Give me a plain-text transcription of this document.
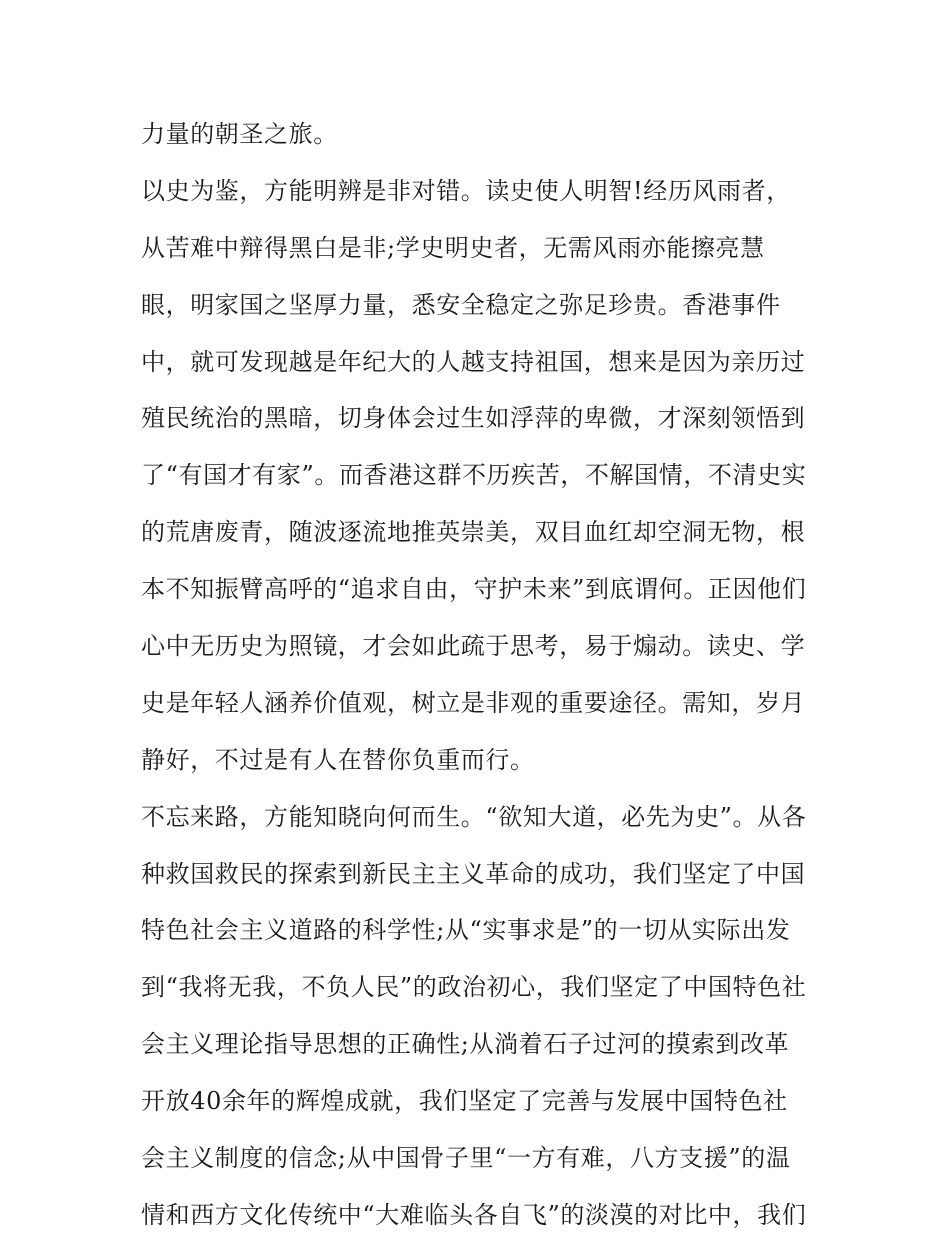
力量的朝圣之旅。
以史为鉴，方能明辨是非对错。读史使人明智!经历风雨者，
从苦难中辩得黑白是非;学史明史者，无需风雨亦能擦亮慧
眼，明家国之坚厚力量，悉安全稳定之弥足珍贵。香港事件
中，就可发现越是年纪大的人越支持祖国，想来是因为亲历过
殖民统治的黑暗，切身体会过生如浮萍的卑微，才深刻领悟到
了“有国才有家”。而香港这群不历疾苦，不解国情，不清史实
的荒唐废青，随波逐流地推英崇美，双目血红却空洞无物，根
本不知振臂高呼的“追求自由，守护未来”到底谓何。正因他们
心中无历史为照镜，才会如此疏于思考，易于煽动。读史、学
史是年轻人涵养价值观，树立是非观的重要途径。需知，岁月
静好，不过是有人在替你负重而行。
不忘来路，方能知晓向何而生。“欲知大道，必先为史”。从各
种救国救民的探索到新民主主义革命的成功，我们坚定了中国
特色社会主义道路的科学性;从“实事求是”的一切从实际出发
到“我将无我，不负人民”的政治初心，我们坚定了中国特色社
会主义理论指导思想的正确性;从淌着石子过河的摸索到改革
开放40余年的辉煌成就，我们坚定了完善与发展中国特色社
会主义制度的信念;从中国骨子里“一方有难，八方支援”的温
情和西方文化传统中“大难临头各自飞”的淡漠的对比中，我们
